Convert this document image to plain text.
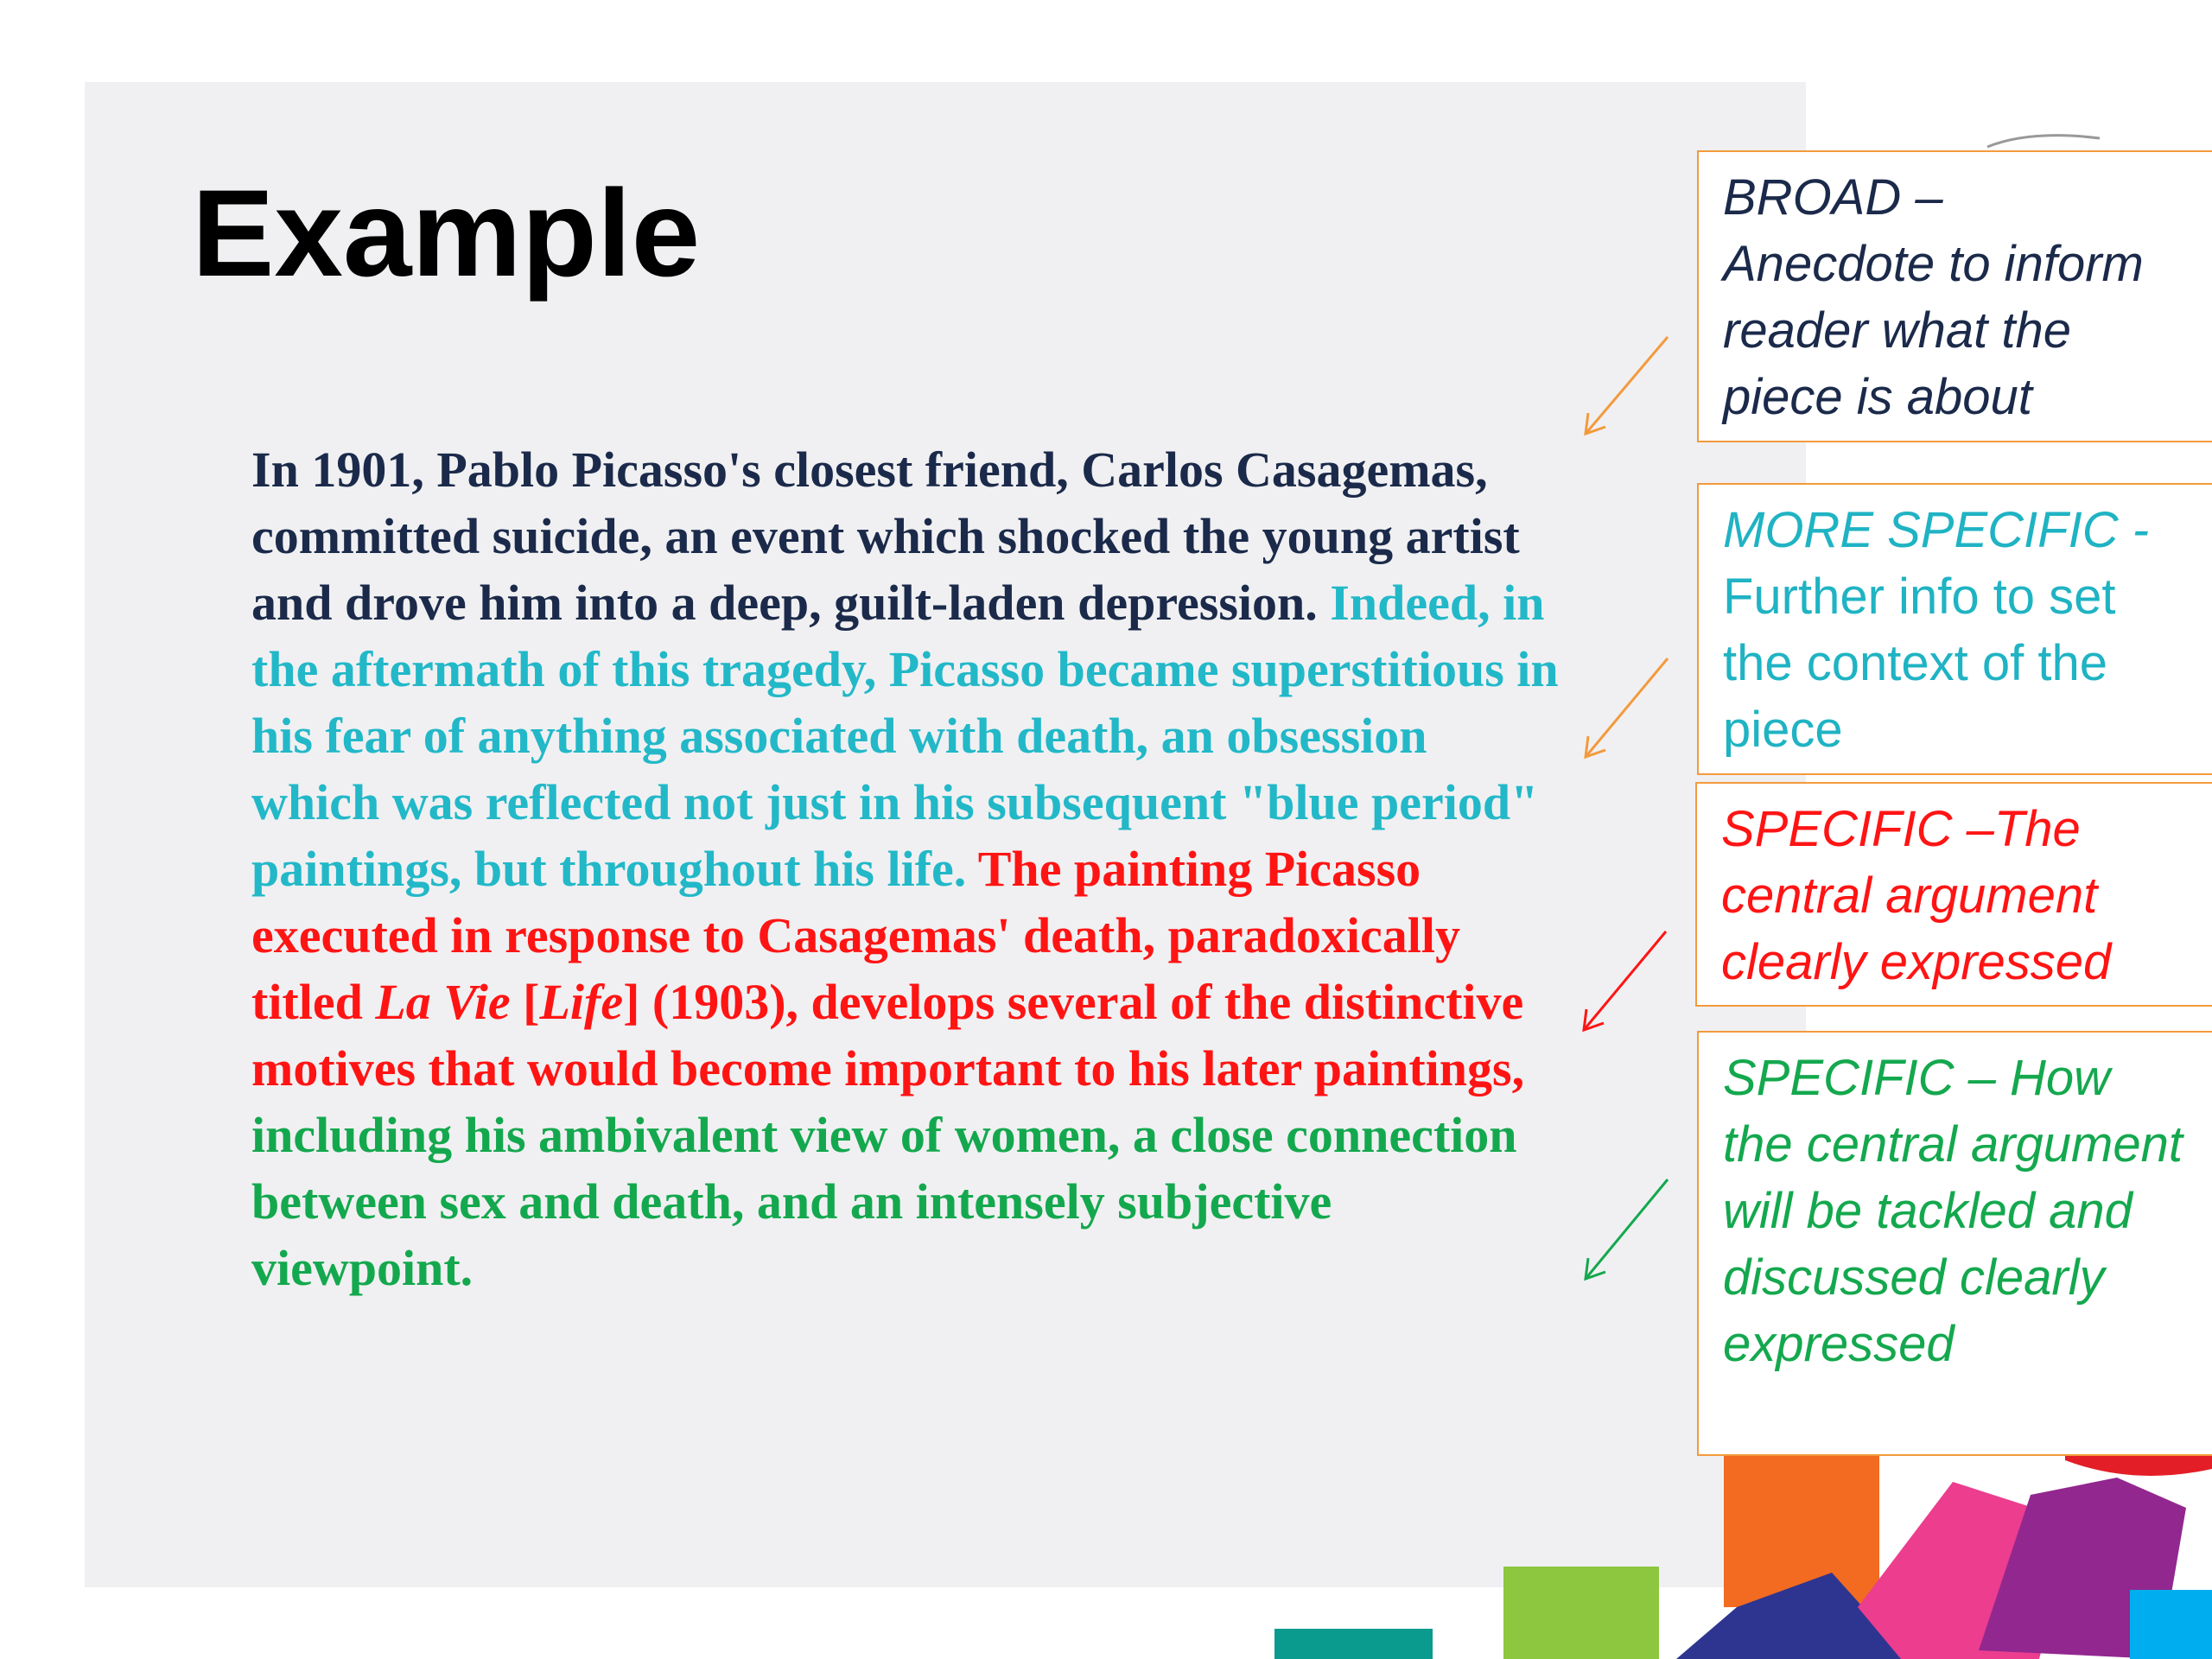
Example

In 1901, Pablo Picasso's closest friend, Carlos Casagemas, committed suicide, an event which shocked the young artist and drove him into a deep, guilt-laden depression. Indeed, in the aftermath of this tragedy, Picasso became superstitious in his fear of anything associated with death, an obsession which was reflected not just in his subsequent "blue period" paintings, but throughout his life. The painting Picasso executed in response to Casagemas' death, paradoxically titled La Vie [Life] (1903), develops several of the distinctive motives that would become important to his later paintings, including his ambivalent view of women, a close connection between sex and death, and an intensely subjective viewpoint.

BROAD –
Anecdote to inform reader what the piece is about
MORE SPECIFIC -
Further info to set the context of the piece
SPECIFIC –The
central argument clearly expressed
SPECIFIC – How
the central argument will be tackled and discussed clearly expressed
